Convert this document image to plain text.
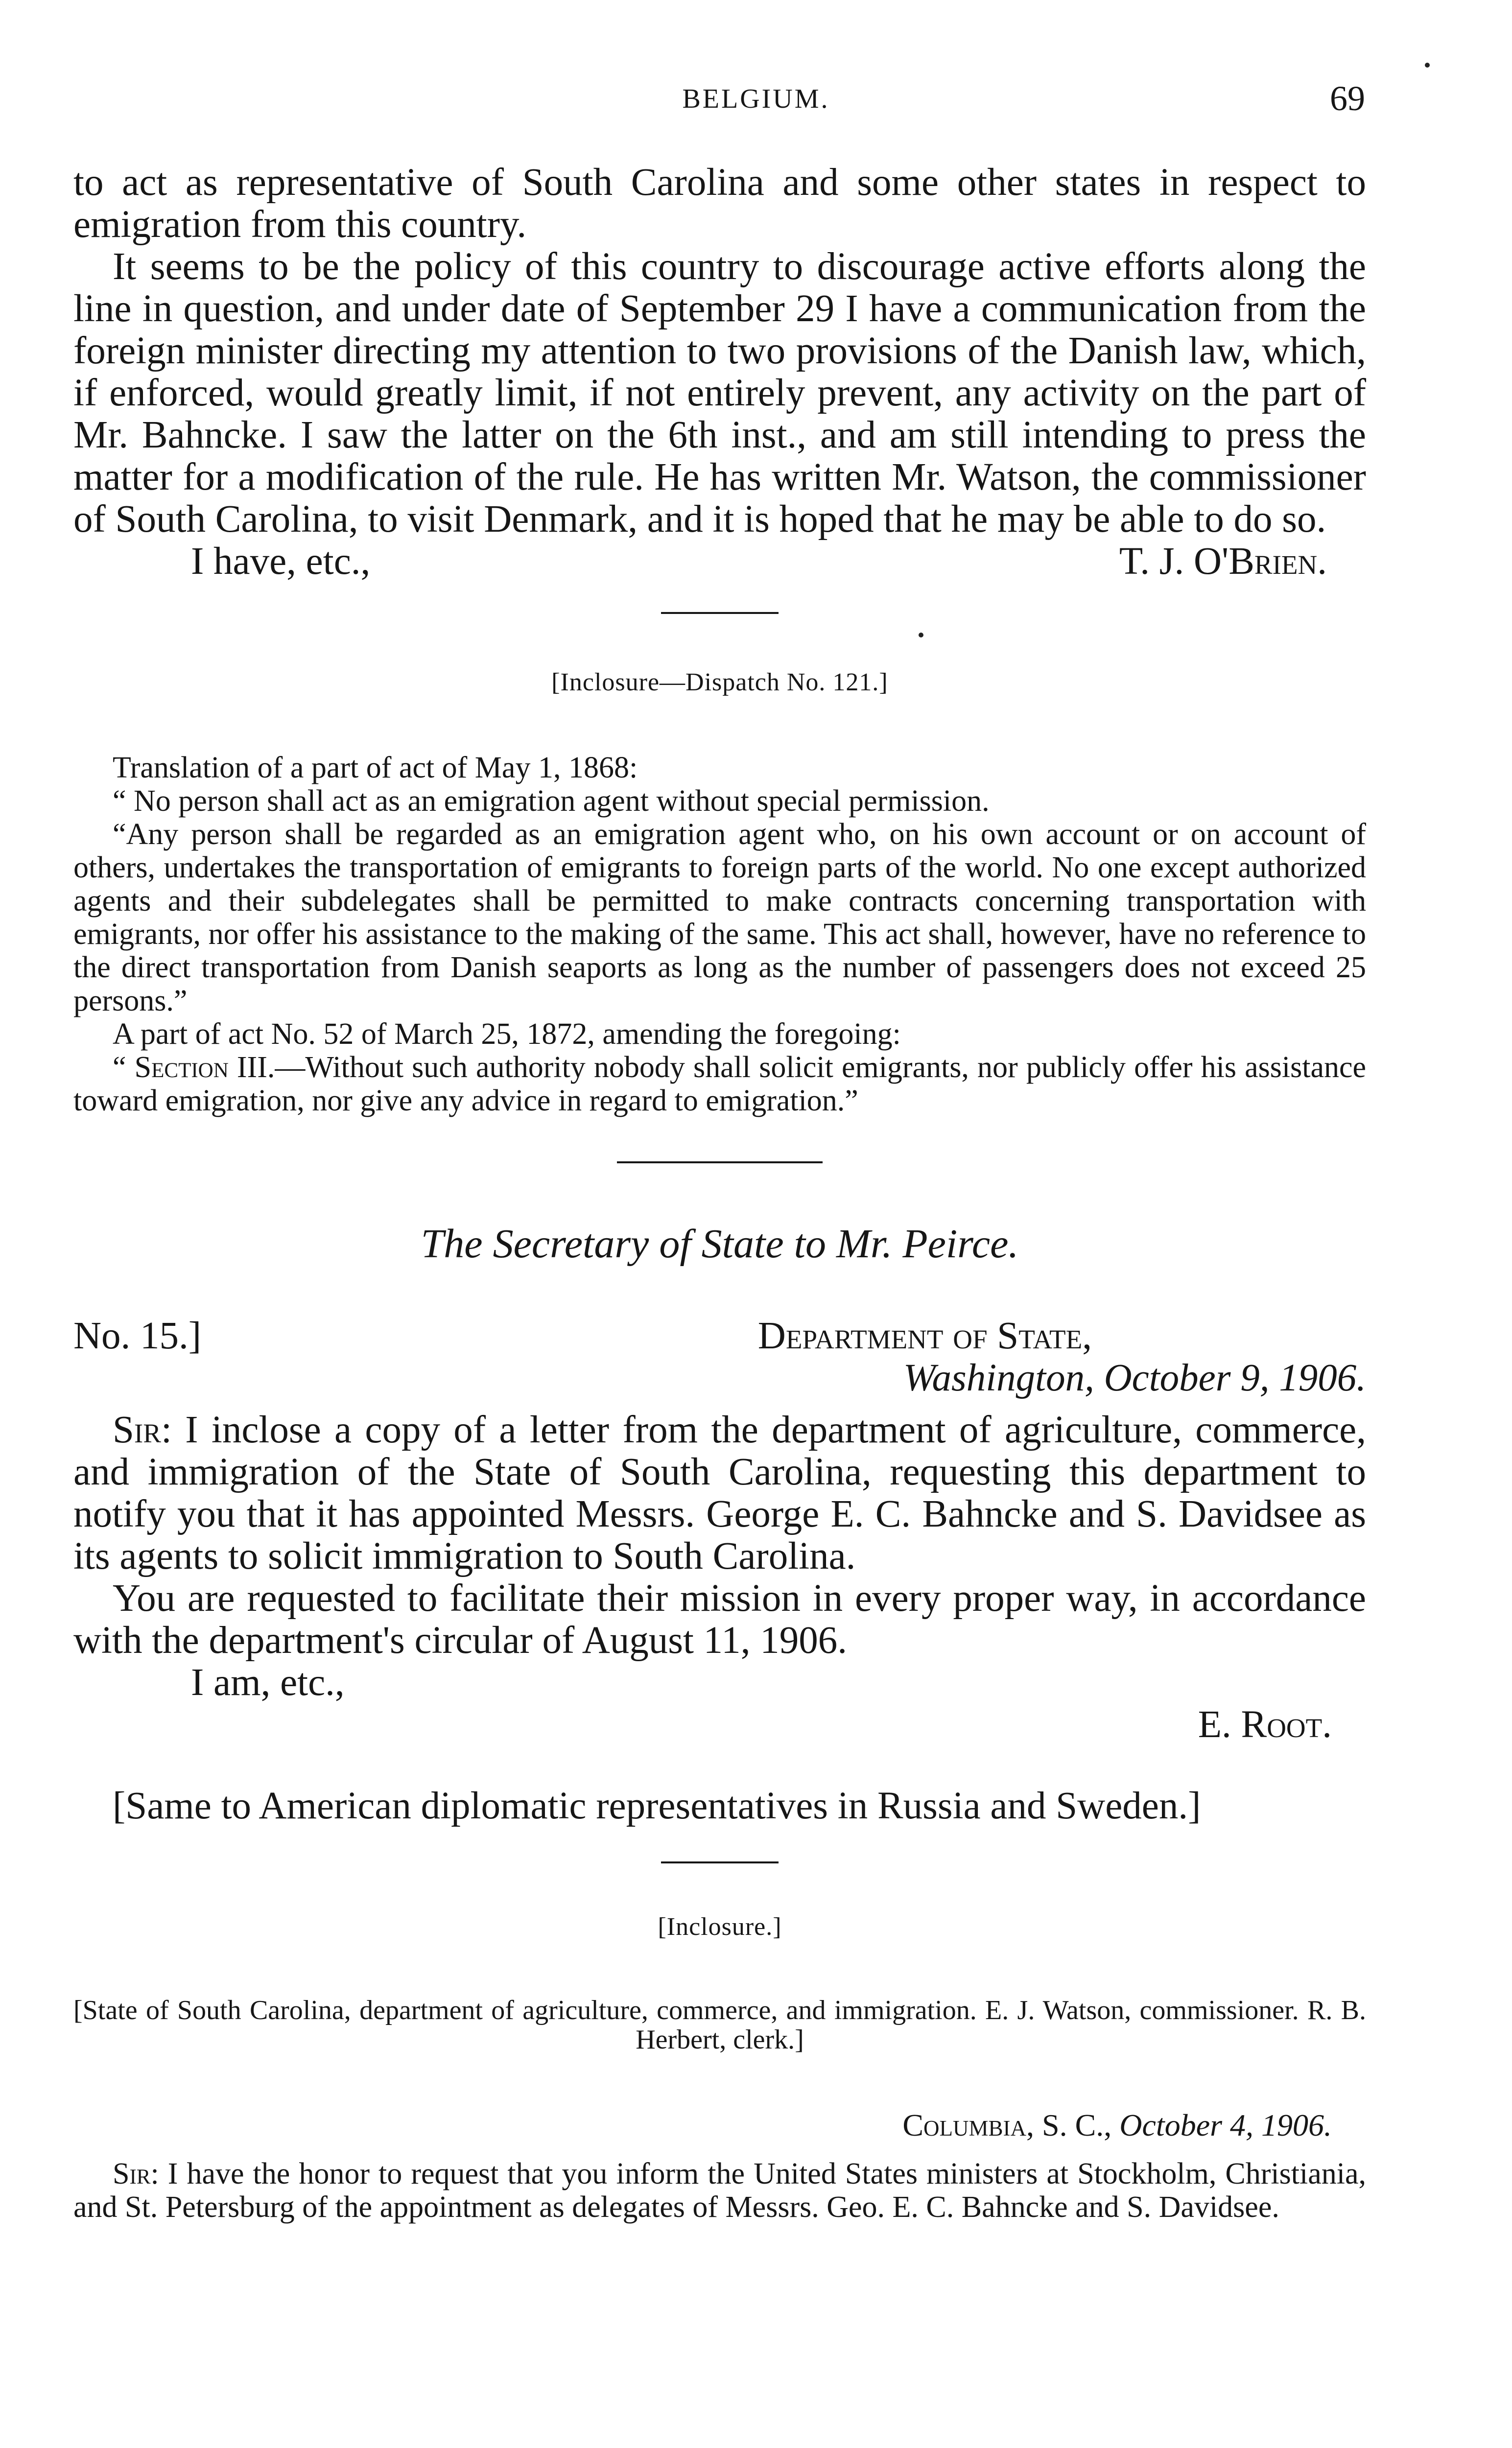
BELGIUM.	69

to act as representative of South Carolina and some other states in respect to emigration from this country.

It seems to be the policy of this country to discourage active efforts along the line in question, and under date of September 29 I have a communication from the foreign minister directing my attention to two provisions of the Danish law, which, if enforced, would greatly limit, if not entirely prevent, any activity on the part of Mr. Bahncke. I saw the latter on the 6th inst., and am still intending to press the matter for a modification of the rule. He has written Mr. Watson, the commissioner of South Carolina, to visit Denmark, and it is hoped that he may be able to do so.

I have, etc.,	T. J. O'Brien.
[Inclosure—Dispatch No. 121.]

Translation of a part of act of May 1, 1868:

“ No person shall act as an emigration agent without special permission.

“Any person shall be regarded as an emigration agent who, on his own account or on account of others, undertakes the transportation of emigrants to foreign parts of the world. No one except authorized agents and their subdelegates shall be permitted to make contracts concerning transportation with emigrants, nor offer his assistance to the making of the same. This act shall, however, have no reference to the direct transportation from Danish seaports as long as the number of passengers does not exceed 25 persons.”

A part of act No. 52 of March 25, 1872, amending the foregoing:

“ Section III.—Without such authority nobody shall solicit emigrants, nor publicly offer his assistance toward emigration, nor give any advice in regard to emigration.”

The Secretary of State to Mr. Peirce.
No. 15.]	Department of State,
Washington, October 9, 1906.

Sir: I inclose a copy of a letter from the department of agriculture, commerce, and immigration of the State of South Carolina, requesting this department to notify you that it has appointed Messrs. George E. C. Bahncke and S. Davidsee as its agents to solicit immigration to South Carolina.

You are requested to facilitate their mission in every proper way, in accordance with the department's circular of August 11, 1906.

I am, etc.,
E. Root.

[Same to American diplomatic representatives in Russia and Sweden.]

[Inclosure.]
[State of South Carolina, department of agriculture, commerce, and immigration. E. J. Watson, commissioner. R. B. Herbert, clerk.]
Columbia, S. C., October 4, 1906.

Sir: I have the honor to request that you inform the United States ministers at Stockholm, Christiania, and St. Petersburg of the appointment as delegates of Messrs. Geo. E. C. Bahncke and S. Davidsee.
